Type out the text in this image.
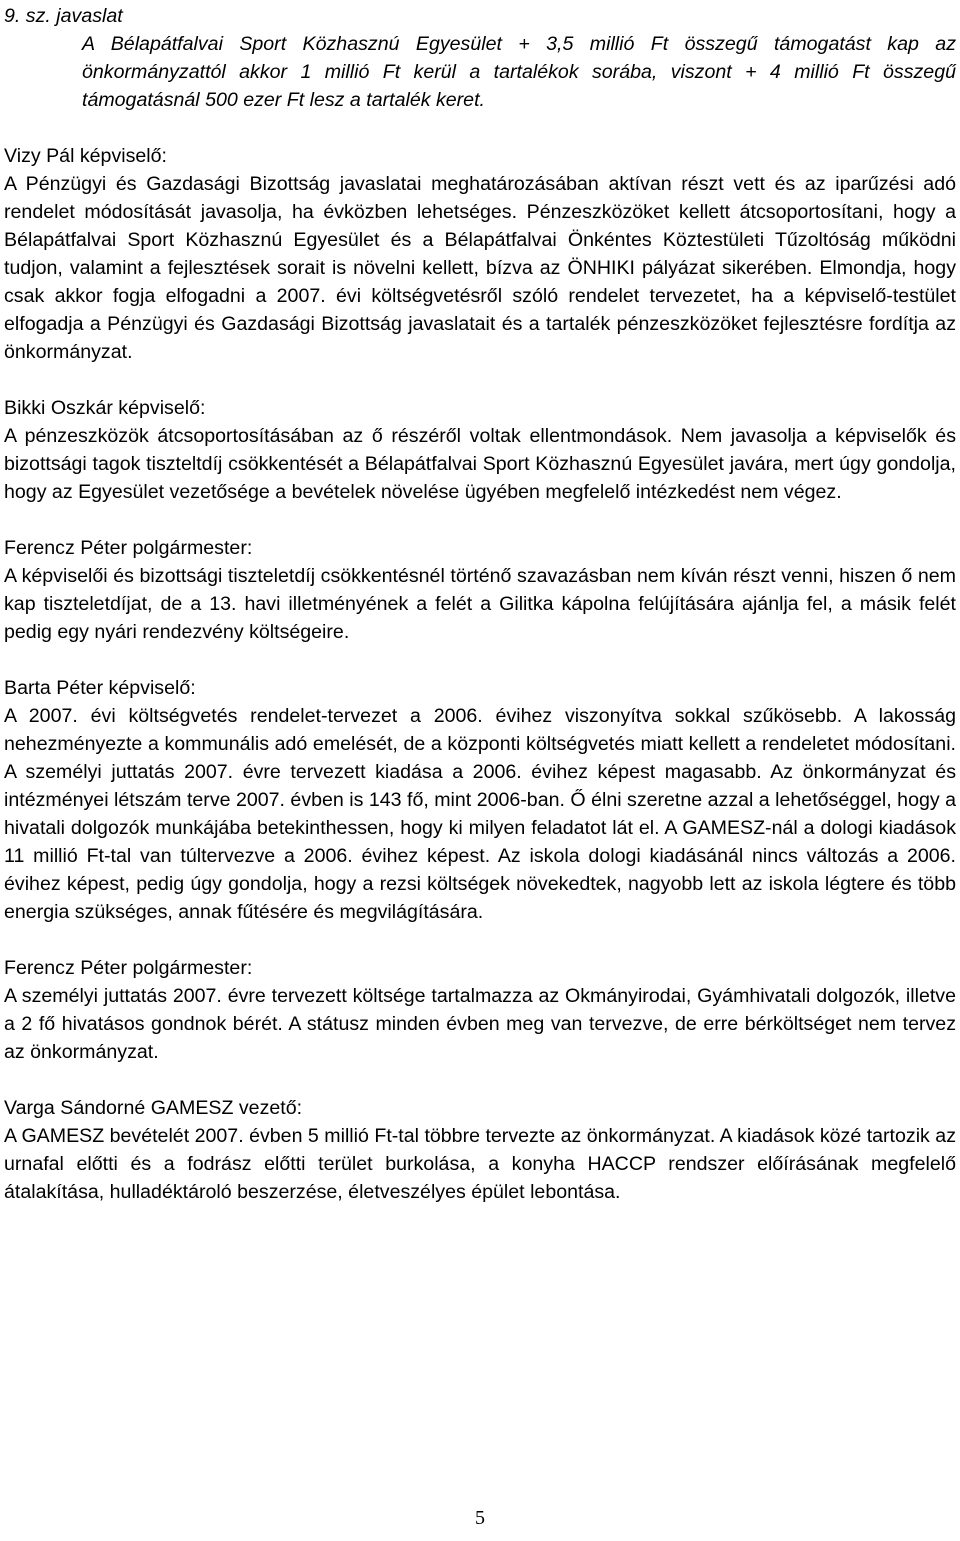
9. sz. javaslat

A Bélapátfalvai Sport Közhasznú Egyesület + 3,5 millió Ft összegű támogatást kap az önkormányzattól akkor 1 millió Ft kerül a tartalékok sorába, viszont + 4 millió Ft összegű támogatásnál 500 ezer Ft lesz a tartalék keret.

Vizy Pál képviselő:

A Pénzügyi és Gazdasági Bizottság javaslatai meghatározásában aktívan részt vett és az iparűzési adó rendelet módosítását javasolja, ha évközben lehetséges. Pénzeszközöket kellett átcsoportosítani, hogy a Bélapátfalvai Sport Közhasznú Egyesület és a Bélapátfalvai Önkéntes Köztestületi Tűzoltóság működni tudjon, valamint a fejlesztések sorait is növelni kellett, bízva az ÖNHIKI pályázat sikerében. Elmondja, hogy csak akkor fogja elfogadni a 2007. évi költségvetésről szóló rendelet tervezetet, ha a képviselő-testület elfogadja a Pénzügyi és Gazdasági Bizottság javaslatait és a tartalék pénzeszközöket fejlesztésre fordítja az önkormányzat.

Bikki Oszkár képviselő:

A pénzeszközök átcsoportosításában az ő részéről voltak ellentmondások. Nem javasolja a képviselők és bizottsági tagok tiszteltdíj csökkentését a Bélapátfalvai Sport Közhasznú Egyesület javára, mert úgy gondolja, hogy az Egyesület vezetősége a bevételek növelése ügyében megfelelő intézkedést nem végez.

Ferencz Péter polgármester:

A képviselői és bizottsági tiszteletdíj csökkentésnél történő szavazásban nem kíván részt venni, hiszen ő nem kap tiszteletdíjat, de a 13. havi illetményének a felét a Gilitka kápolna felújítására ajánlja fel, a másik felét pedig egy nyári rendezvény költségeire.

Barta Péter képviselő:

A 2007. évi költségvetés rendelet-tervezet a 2006. évihez viszonyítva sokkal szűkösebb. A lakosság nehezményezte a kommunális adó emelését, de a központi költségvetés miatt kellett a rendeletet módosítani. A személyi juttatás 2007. évre tervezett kiadása a 2006. évihez képest magasabb. Az önkormányzat és intézményei létszám terve 2007. évben is 143 fő, mint 2006-ban. Ő élni szeretne azzal a lehetőséggel, hogy a hivatali dolgozók munkájába betekinthessen, hogy ki milyen feladatot lát el. A GAMESZ-nál a dologi kiadások 11 millió Ft-tal van túltervezve a 2006. évihez képest. Az iskola dologi kiadásánál nincs változás a 2006. évihez képest, pedig úgy gondolja, hogy a rezsi költségek növekedtek, nagyobb lett az iskola légtere és több energia szükséges, annak fűtésére és megvilágítására.

Ferencz Péter polgármester:

A személyi juttatás 2007. évre tervezett költsége tartalmazza az Okmányirodai, Gyámhivatali dolgozók, illetve a 2 fő hivatásos gondnok bérét. A státusz minden évben meg van tervezve, de erre bérköltséget nem tervez az önkormányzat.

Varga Sándorné GAMESZ vezető:

A GAMESZ bevételét 2007. évben 5 millió Ft-tal többre tervezte az önkormányzat. A kiadások közé tartozik az urnafal előtti és a fodrász előtti terület burkolása, a konyha HACCP rendszer előírásának megfelelő átalakítása, hulladéktároló beszerzése, életveszélyes épület lebontása.

5
